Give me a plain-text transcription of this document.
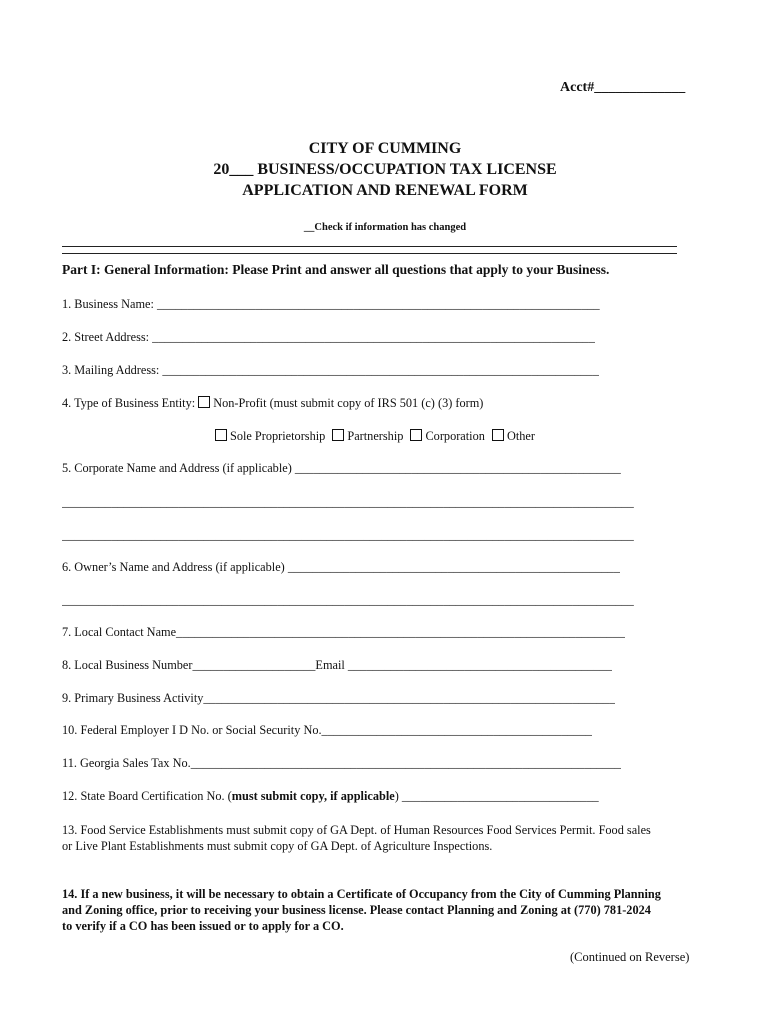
Acct#_____________
CITY OF CUMMING
20___ BUSINESS/OCCUPATION TAX LICENSE
APPLICATION AND RENEWAL FORM
__Check if information has changed
Part I: General Information: Please Print and answer all questions that apply to your Business.
1. Business Name: ________________________________________________________________________
2. Street Address: ________________________________________________________________________
3. Mailing Address: _______________________________________________________________________
4. Type of Business Entity: Non-Profit (must submit copy of IRS 501 (c) (3) form)
Sole Proprietorship Partnership Corporation Other
5. Corporate Name and Address (if applicable) _____________________________________________________
_____________________________________________________________________________________________
_____________________________________________________________________________________________
6. Owner’s Name and Address (if applicable) ______________________________________________________
_____________________________________________________________________________________________
7. Local Contact Name_________________________________________________________________________
8. Local Business Number____________________Email ___________________________________________
9. Primary Business Activity___________________________________________________________________
10. Federal Employer I D No. or Social Security No.____________________________________________
11. Georgia Sales Tax No.______________________________________________________________________
12. State Board Certification No. (must submit copy, if applicable) ________________________________
13. Food Service Establishments must submit copy of GA Dept. of Human Resources Food Services Permit. Food sales or Live Plant Establishments must submit copy of GA Dept. of Agriculture Inspections.
14. If a new business, it will be necessary to obtain a Certificate of Occupancy from the City of Cumming Planning and Zoning office, prior to receiving your business license. Please contact Planning and Zoning at (770) 781-2024 to verify if a CO has been issued or to apply for a CO.
(Continued on Reverse)
